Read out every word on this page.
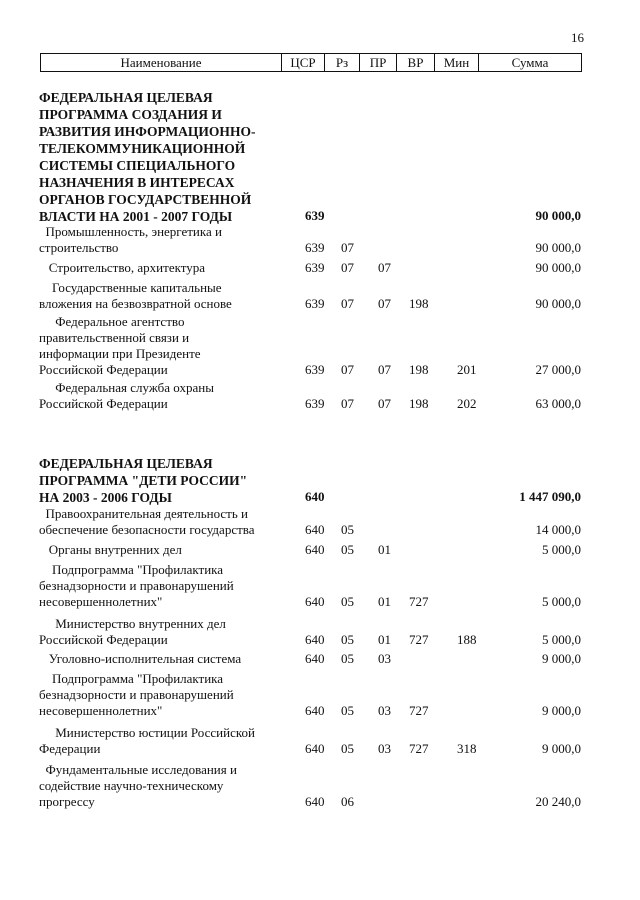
16
Наименование	ЦСР	Рз	ПР	ВР	Мин	Сумма
ФЕДЕРАЛЬНАЯ ЦЕЛЕВАЯ
ПРОГРАММА СОЗДАНИЯ И
РАЗВИТИЯ ИНФОРМАЦИОННО-
ТЕЛЕКОММУНИКАЦИОННОЙ
СИСТЕМЫ СПЕЦИАЛЬНОГО
НАЗНАЧЕНИЯ В ИНТЕРЕСАХ
ОРГАНОВ ГОСУДАРСТВЕННОЙ
ВЛАСТИ НА 2001 - 2007 ГОДЫ	639	90 000,0
Промышленность, энергетика и
строительство	639 07	90 000,0
Строительство, архитектура	639 07 07	90 000,0
Государственные капитальные
вложения на безвозвратной основе	639 07 07 198	90 000,0
Федеральное агентство
правительственной связи и
информации при Президенте
Российской Федерации	639 07 07 198 201	27 000,0
Федеральная служба охраны
Российской Федерации	639 07 07 198 202	63 000,0
ФЕДЕРАЛЬНАЯ ЦЕЛЕВАЯ
ПРОГРАММА "ДЕТИ РОССИИ"
НА 2003 - 2006 ГОДЫ	640	1 447 090,0
Правоохранительная деятельность и
обеспечение безопасности государства	640 05	14 000,0
Органы внутренних дел	640 05 01	5 000,0
Подпрограмма "Профилактика
безнадзорности и правонарушений
несовершеннолетних"	640 05 01 727	5 000,0
Министерство внутренних дел
Российской Федерации	640 05 01 727 188	5 000,0
Уголовно-исполнительная система	640 05 03	9 000,0
Подпрограмма "Профилактика
безнадзорности и правонарушений
несовершеннолетних"	640 05 03 727	9 000,0
Министерство юстиции Российской
Федерации	640 05 03 727 318	9 000,0
Фундаментальные исследования и
содействие научно-техническому
прогрессу	640 06	20 240,0
